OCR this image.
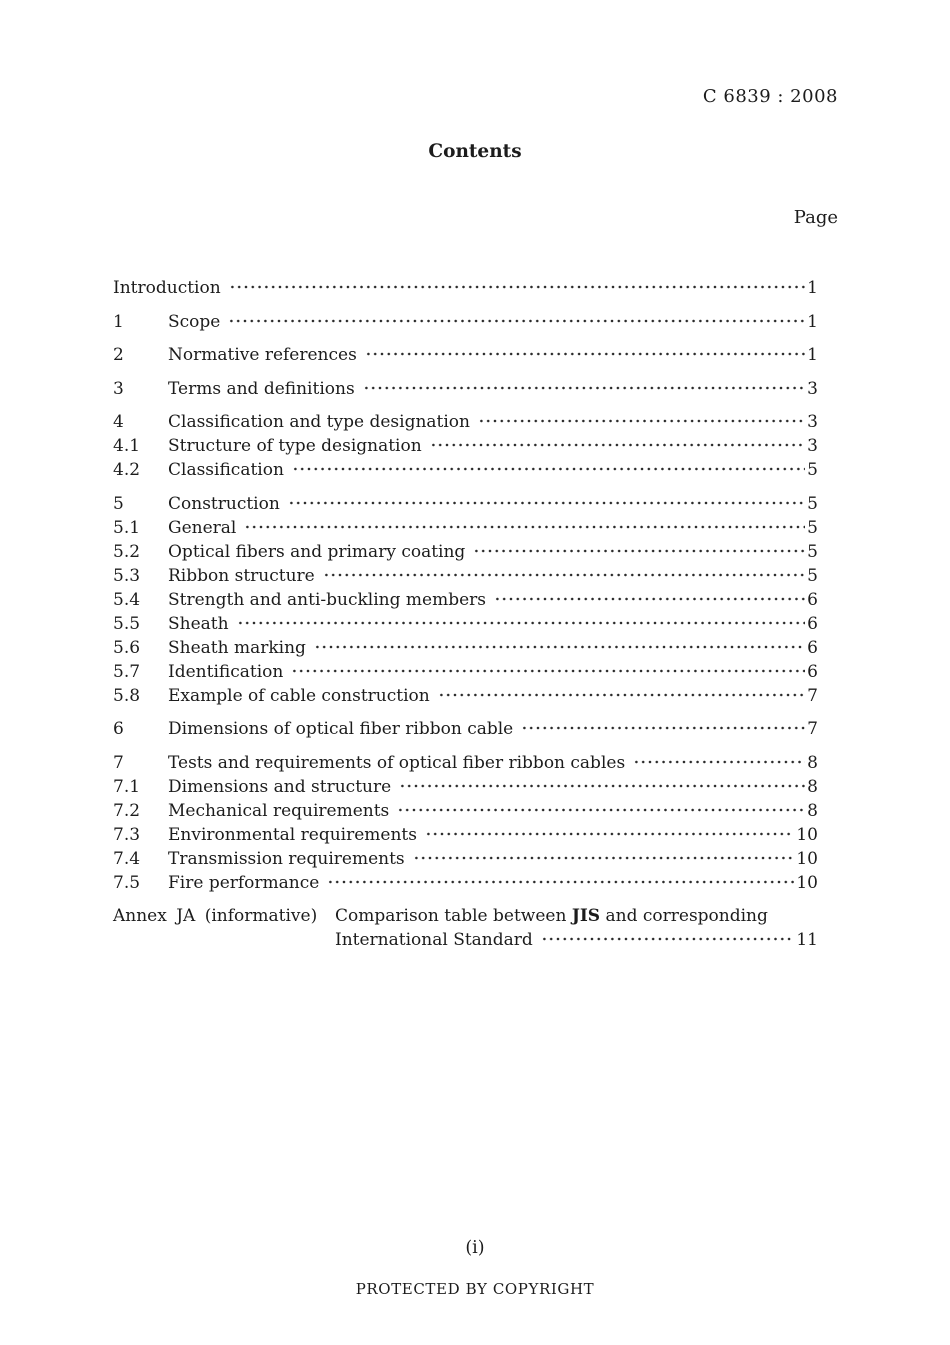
C 6839 : 2008
Contents
Page
Introduction	1
1	Scope	1
2	Normative references	1
3	Terms and definitions	3
4	Classification and type designation	3
4.1	Structure of type designation	3
4.2	Classification	5
5	Construction	5
5.1	General	5
5.2	Optical fibers and primary coating	5
5.3	Ribbon structure	5
5.4	Strength and anti-buckling members	6
5.5	Sheath	6
5.6	Sheath marking	6
5.7	Identification	6
5.8	Example of cable construction	7
6	Dimensions of optical fiber ribbon cable	7
7	Tests and requirements of optical fiber ribbon cables	8
7.1	Dimensions and structure	8
7.2	Mechanical requirements	8
7.3	Environmental requirements	10
7.4	Transmission requirements	10
7.5	Fire performance	10
Annex JA (informative)	Comparison table between JIS and corresponding
International Standard	11
(i)
PROTECTED BY COPYRIGHT
